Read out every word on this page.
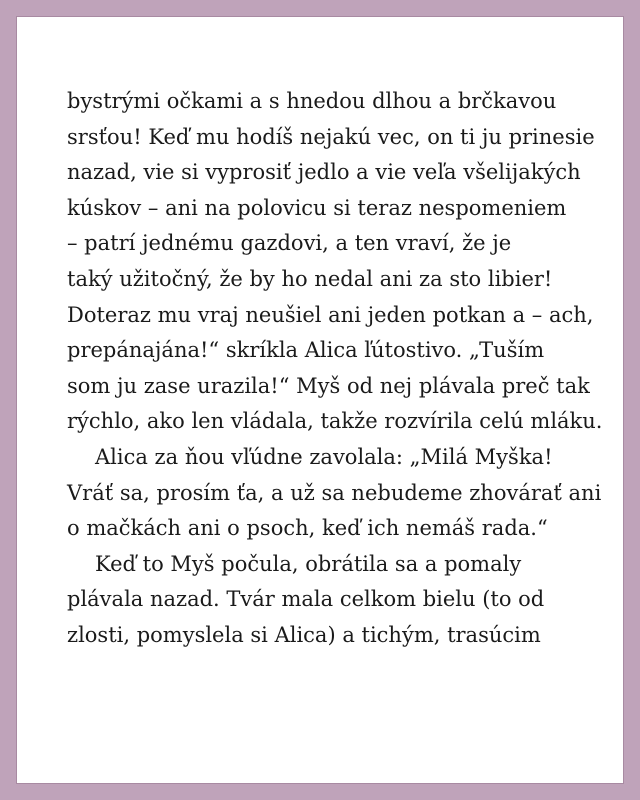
bystrými očkami a s hnedou dlhou a brčkavou
srsťou! Keď mu hodíš nejakú vec, on ti ju prinesie
nazad, vie si vyprosiť jedlo a vie veľa všelijakých
kúskov – ani na polovicu si teraz nespomeniem
– patrí jednému gazdovi, a ten vraví, že je
taký užitočný, že by ho nedal ani za sto libier!
Doteraz mu vraj neušiel ani jeden potkan a – ach,
prepánajána!“ skríkla Alica ľútostivo. „Tuším
som ju zase urazila!“ Myš od nej plávala preč tak
rýchlo, ako len vládala, takže rozvírila celú mláku.
Alica za ňou vľúdne zavolala: „Milá Myška!
Vráť sa, prosím ťa, a už sa nebudeme zhovárať ani
o mačkách ani o psoch, keď ich nemáš rada.“
Keď to Myš počula, obrátila sa a pomaly
plávala nazad. Tvár mala celkom bielu (to od
zlosti, pomyslela si Alica) a tichým, trasúcim
